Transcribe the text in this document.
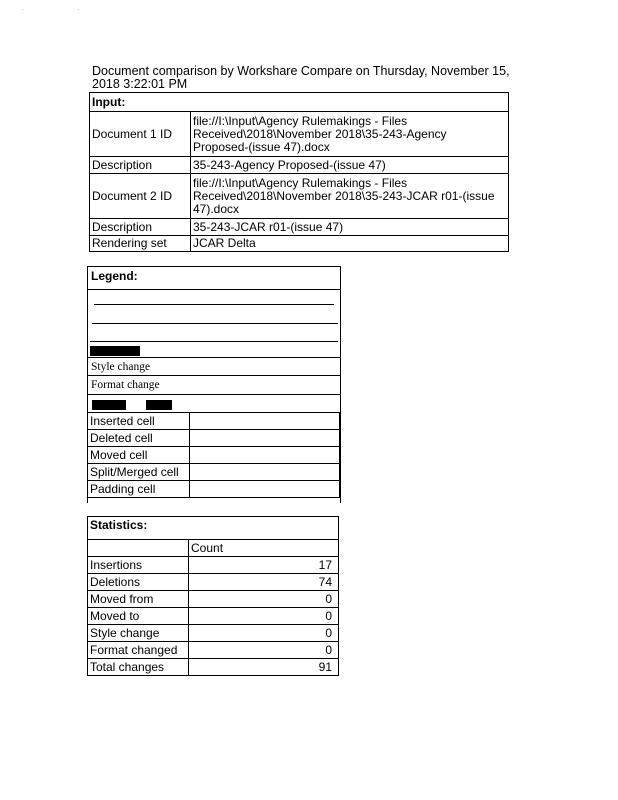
. .
Document comparison by Workshare Compare on Thursday, November 15,
2018 3:22:01 PM
Input:	
Document 1 ID	file://I:\Input\Agency Rulemakings - Files
Received\2018\November 2018\35-243-Agency
Proposed-(issue 47).docx

Description	35-243-Agency Proposed-(issue 47)

Document 2 ID	file://I:\Input\Agency Rulemakings - Files
Received\2018\November 2018\35-243-JCAR r01-(issue
47).docx

Description	35-243-JCAR r01-(issue 47)

Rendering set	JCAR Delta
Legend:
Style change
Format change
Inserted cell	
Deleted cell	
Moved cell	
Split/Merged cell	
Padding cell	
Statistics:	
	Count
Insertions	17
Deletions	74
Moved from	0
Moved to	0
Style change	0
Format changed	0
Total changes	91
